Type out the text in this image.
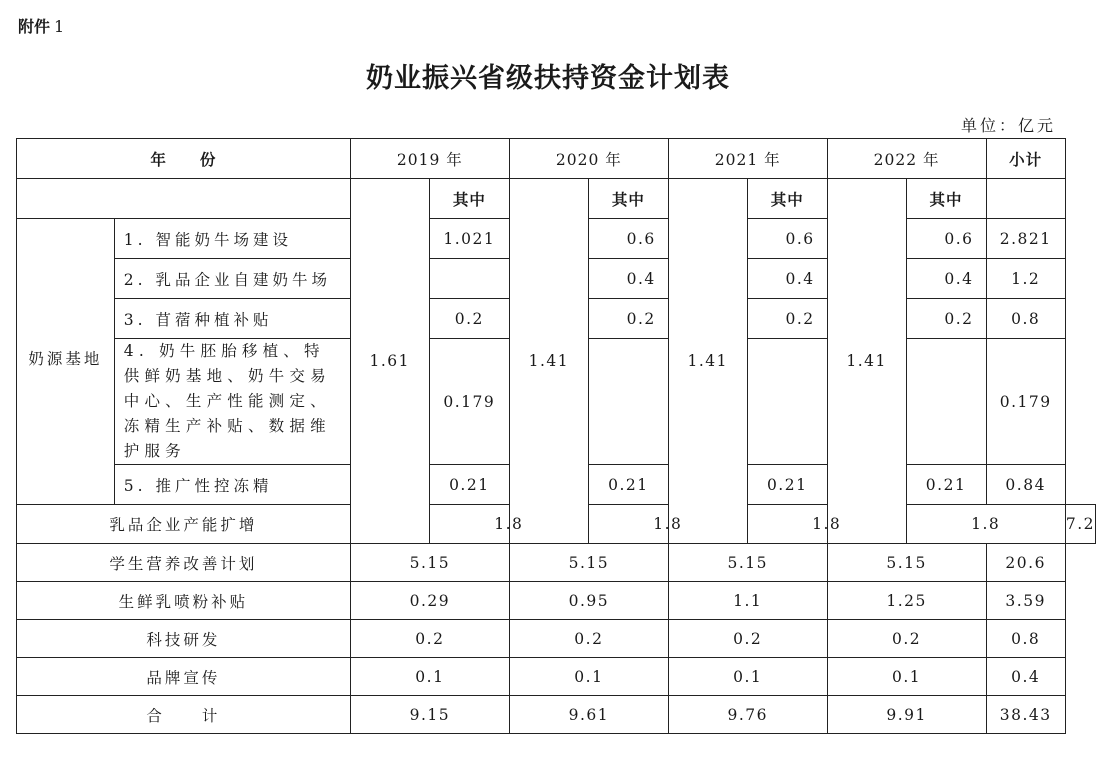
附件 1
奶业振兴省级扶持资金计划表
单位：亿元
年　　份		2019 年		2020 年		2021 年		2022 年		小计	
		1.61	其中	1.41	其中	1.41	其中	1.41	其中		
奶源基地	1. 智能奶牛场建设		1.021		0.6		0.6		0.6	2.821	
	2. 乳品企业自建奶牛场				0.4		0.4		0.4	1.2	
	3. 苜蓿种植补贴		0.2		0.2		0.2		0.2	0.8	
	4. 奶牛胚胎移植、特供鲜奶基地、奶牛交易中心、生产性能测定、冻精生产补贴、数据维护服务		0.179							0.179	
	5. 推广性控冻精		0.21		0.21		0.21		0.21	0.84	
乳品企业产能扩增			1.8		1.8		1.8		1.8		7.2
学生营养改善计划		5.15		5.15		5.15		5.15		20.6	
生鲜乳喷粉补贴		0.29		0.95		1.1		1.25		3.59	
科技研发		0.2		0.2		0.2		0.2		0.8	
品牌宣传		0.1		0.1		0.1		0.1		0.4	
合　　计		9.15		9.61		9.76		9.91		38.43	
